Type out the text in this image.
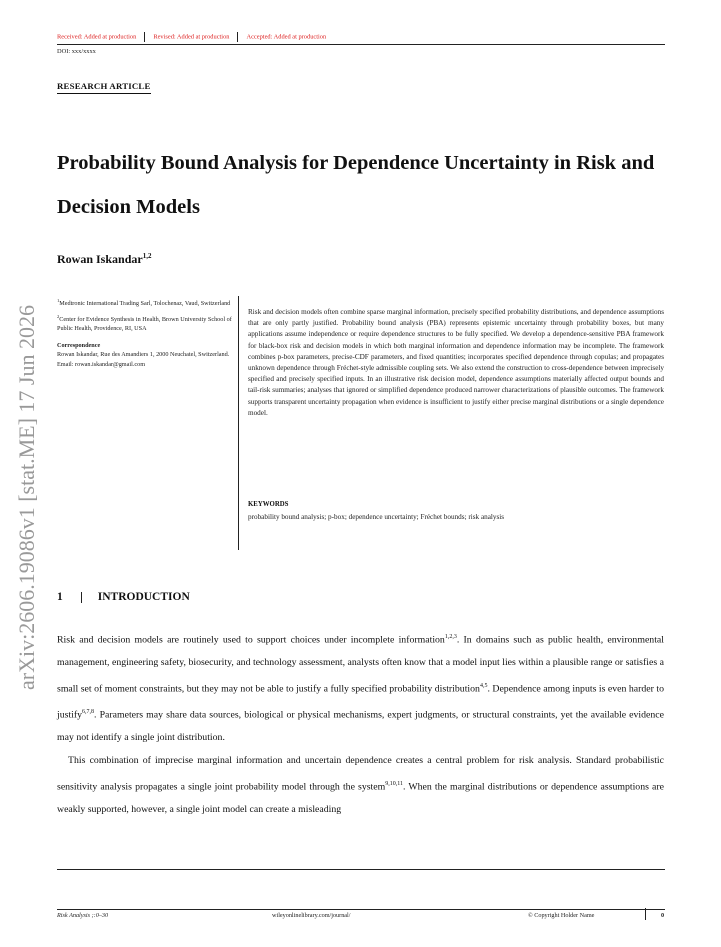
Received: Added at production	Revised: Added at production	Accepted: Added at production
DOI: xxx/xxxx
RESEARCH ARTICLE
Probability Bound Analysis for Dependence Uncertainty in Risk and Decision Models
Rowan Iskandar$^{1,2}$
arXiv:2606.19086v1 [stat.ME] 17 Jun 2026
$^1$Medtronic International Trading Sarl, Tolochenaz, Vaud, Switzerland
$^2$Center for Evidence Synthesis in Health, Brown University School of Public Health, Providence, RI, USA
Correspondence
Rowan Iskandar, Rue des Amandiers 1, 2000 Neuchatel, Switzerland. Email: rowan.iskandar@gmail.com
Risk and decision models often combine sparse marginal information, precisely specified probability distributions, and dependence assumptions that are only partly justified. Probability bound analysis (PBA) represents epistemic uncertainty through probability boxes, but many applications assume independence or require dependence structures to be fully specified. We develop a dependence-sensitive PBA framework for black-box risk and decision models in which both marginal information and dependence information may be incomplete. The framework combines p-box parameters, precise-CDF parameters, and fixed quantities; incorporates specified dependence through copulas; and propagates unknown dependence through Fréchet-style admissible coupling sets. We also extend the construction to cross-dependence between imprecisely specified and precisely specified inputs. In an illustrative risk decision model, dependence assumptions materially affected output bounds and tail-risk summaries; analyses that ignored or simplified dependence produced narrower characterizations of plausible outcomes. The framework supports transparent uncertainty propagation when evidence is insufficient to justify either precise marginal distributions or a single dependence model.
KEYWORDS
probability bound analysis; p-box; dependence uncertainty; Fréchet bounds; risk analysis
1	INTRODUCTION

Risk and decision models are routinely used to support choices under incomplete information$^{1,2,3}$. In domains such as public health, environmental management, engineering safety, biosecurity, and technology assessment, analysts often know that a model input lies within a plausible range or satisfies a small set of moment constraints, but they may not be able to justify a fully specified probability distribution$^{4,5}$. Dependence among inputs is even harder to justify$^{6,7,8}$. Parameters may share data sources, biological or physical mechanisms, expert judgments, or structural constraints, yet the available evidence may not identify a single joint distribution.

This combination of imprecise marginal information and uncertain dependence creates a central problem for risk analysis. Standard probabilistic sensitivity analysis propagates a single joint probability model through the system$^{9,10,11}$. When the marginal distributions or dependence assumptions are weakly supported, however, a single joint model can create a misleading

Risk Analysis ;:0–30	wileyonlinelibrary.com/journal/	© Copyright Holder Name	0
